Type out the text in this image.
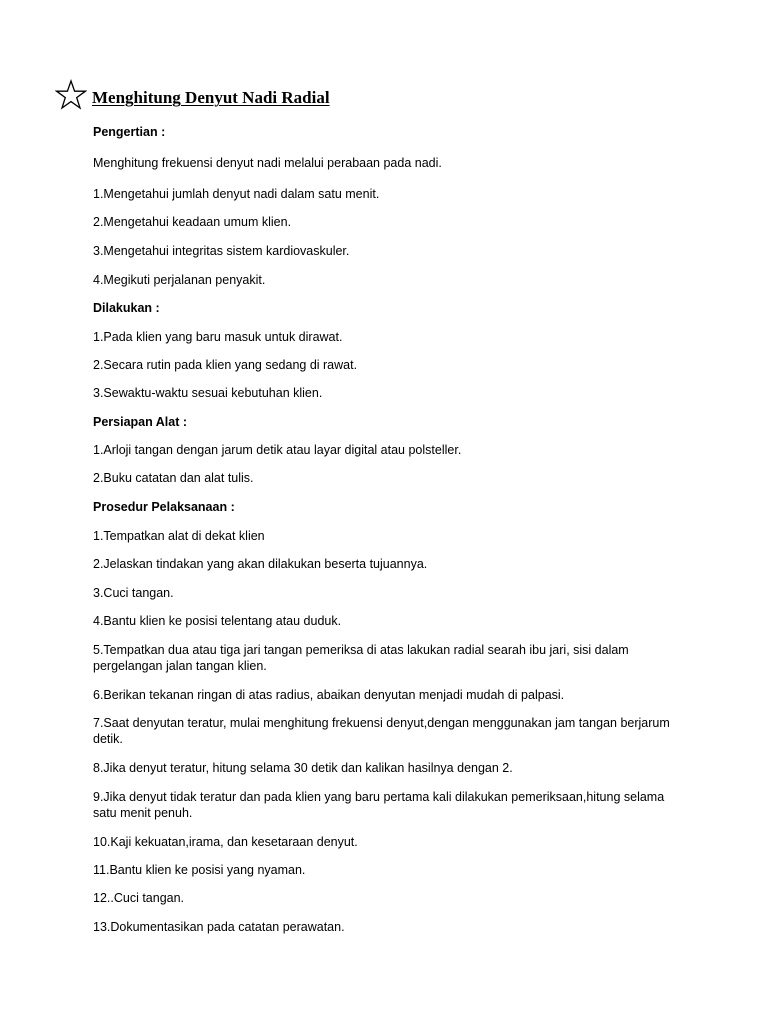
Menghitung Denyut Nadi Radial
Pengertian :
Menghitung frekuensi denyut nadi melalui perabaan pada nadi.
1.Mengetahui jumlah denyut nadi dalam satu menit.
2.Mengetahui keadaan umum klien.
3.Mengetahui integritas sistem kardiovaskuler.
4.Megikuti perjalanan penyakit.
Dilakukan :
1.Pada klien yang baru masuk untuk dirawat.
2.Secara rutin pada klien yang sedang di rawat.
3.Sewaktu-waktu sesuai kebutuhan klien.
Persiapan Alat :
1.Arloji tangan dengan jarum detik atau layar digital atau polsteller.
2.Buku catatan dan alat tulis.
Prosedur Pelaksanaan :
1.Tempatkan alat di dekat klien
2.Jelaskan tindakan yang akan dilakukan beserta tujuannya.
3.Cuci tangan.
4.Bantu klien ke posisi telentang atau duduk.
5.Tempatkan dua atau tiga jari tangan pemeriksa di atas lakukan radial searah ibu jari, sisi dalam pergelangan jalan tangan klien.
6.Berikan tekanan ringan di atas radius, abaikan denyutan menjadi mudah di palpasi.
7.Saat denyutan teratur, mulai menghitung frekuensi denyut,dengan menggunakan jam tangan berjarum detik.
8.Jika denyut teratur, hitung selama 30 detik dan kalikan hasilnya dengan 2.
9.Jika denyut tidak teratur dan pada klien yang baru pertama kali dilakukan pemeriksaan,hitung selama satu menit penuh.
10.Kaji kekuatan,irama, dan kesetaraan denyut.
11.Bantu klien ke posisi yang nyaman.
12..Cuci tangan.
13.Dokumentasikan pada catatan perawatan.
